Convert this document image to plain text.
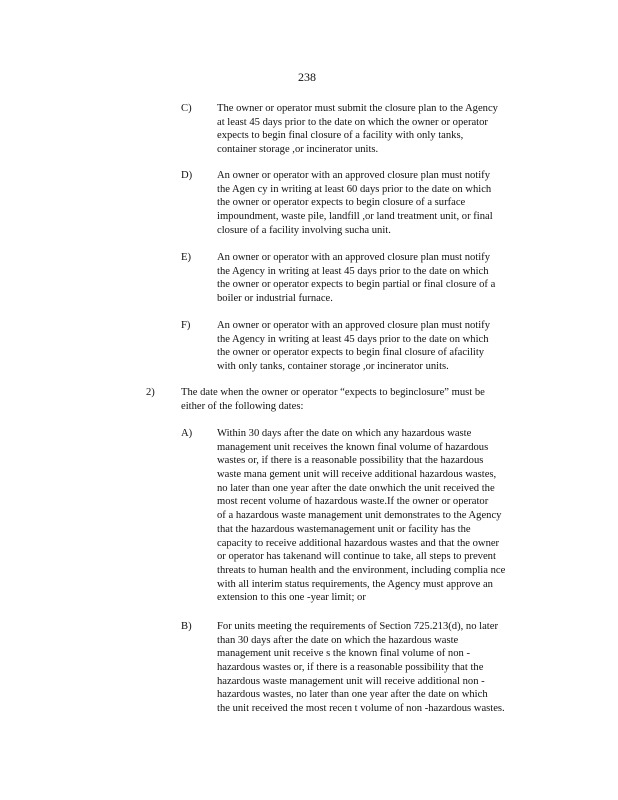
238
C) The owner or operator must submit the closure plan to the Agency
at least 45 days prior to the date on which the owner or operator
expects to begin final closure of a facility with only tanks,
container storage ,or incinerator units.
D) An owner or operator with an approved closure plan must notify
the Agen cy in writing at least 60 days prior to the date on which
the owner or operator expects to begin closure of a surface
impoundment, waste pile, landfill ,or land treatment unit, or final
closure of a facility involving sucha unit.
E) An owner or operator with an approved closure plan must notify
the Agency in writing at least 45 days prior to the date on which
the owner or operator expects to begin partial or final closure of a
boiler or industrial furnace.
F)	An owner or operator with an approved closure plan must notify
the Agency in writing at least 45 days prior to the date on which
the owner or operator expects to begin final closure of afacility
with only tanks, container storage ,or incinerator units.
2) The date when the owner or operator “expects to beginclosure” must be
either of the following dates:
A) Within 30 days after the date on which any hazardous waste
management unit receives the known final volume of hazardous
wastes or, if there is a reasonable possibility that the hazardous
waste mana gement unit will receive additional hazardous wastes,
no later than one year after the date onwhich the unit received the
most recent volume of hazardous waste.If the owner or operator
of a hazardous waste management unit demonstrates to the Agency
that the hazardous wastemanagement unit or facility has the
capacity to receive additional hazardous wastes and that the owner
or operator has takenand will continue to take, all steps to prevent
threats to human health and the environment, including complia nce
with all interim status requirements, the Agency must approve an
extension to this one -year limit; or
B) For units meeting the requirements of Section 725.213(d), no later
than 30 days after the date on which the hazardous waste
management unit receive s the known final volume of non -
hazardous wastes or, if there is a reasonable possibility that the
hazardous waste management unit will receive additional non -
hazardous wastes, no later than one year after the date on which
the unit received the most recen t volume of non -hazardous wastes.
